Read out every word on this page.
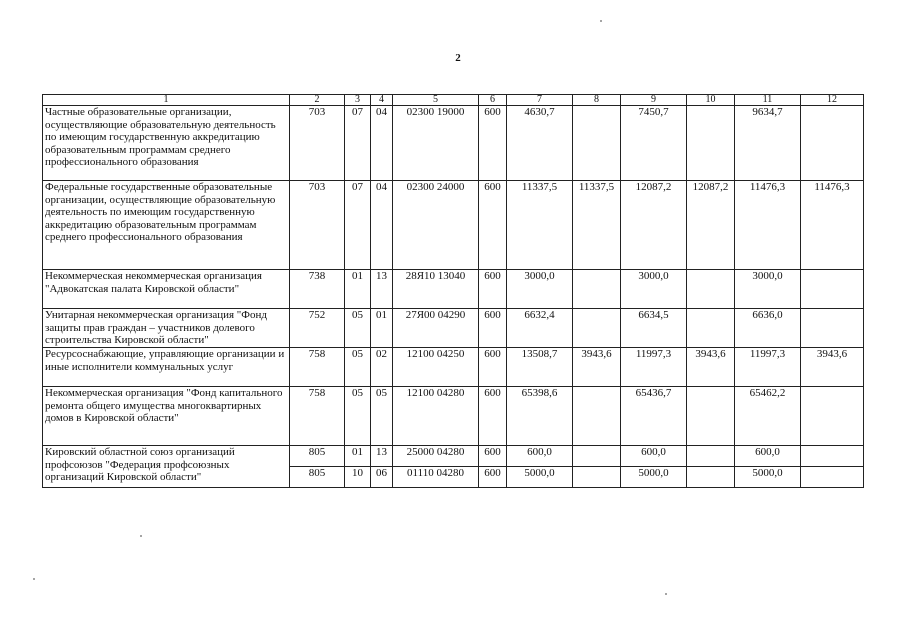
2
1	2	3	4	5	6	7	8	9	10	11	12
Частные образовательные организации, осуществляющие образовательную деятельность по имеющим государственную аккредитацию образовательным программам среднего профессионального образования	703	07	04	02300 19000	600	4630,7		7450,7		9634,7	
Федеральные государственные образовательные организации, осуществляющие образовательную деятельность по имеющим государственную аккредитацию образовательным программам среднего профессионального образования	703	07	04	02300 24000	600	11337,5	11337,5	12087,2	12087,2	11476,3	11476,3
Некоммерческая некоммерческая организация "Адвокатская палата Кировской области"	738	01	13	28Я10 13040	600	3000,0		3000,0		3000,0	
Унитарная некоммерческая организация "Фонд защиты прав граждан – участников долевого строительства Кировской области"	752	05	01	27Я00 04290	600	6632,4		6634,5		6636,0	
Ресурсоснабжающие, управляющие организации и иные исполнители коммунальных услуг	758	05	02	12100 04250	600	13508,7	3943,6	11997,3	3943,6	11997,3	3943,6
Некоммерческая организация "Фонд капитального ремонта общего имущества многоквартирных домов в Кировской области"	758	05	05	12100 04280	600	65398,6		65436,7		65462,2	
Кировский областной союз организаций профсоюзов "Федерация профсоюзных организаций Кировской области"	805	01	13	25000 04280	600	600,0		600,0		600,0	
	805	10	06	01110 04280	600	5000,0		5000,0		5000,0	
